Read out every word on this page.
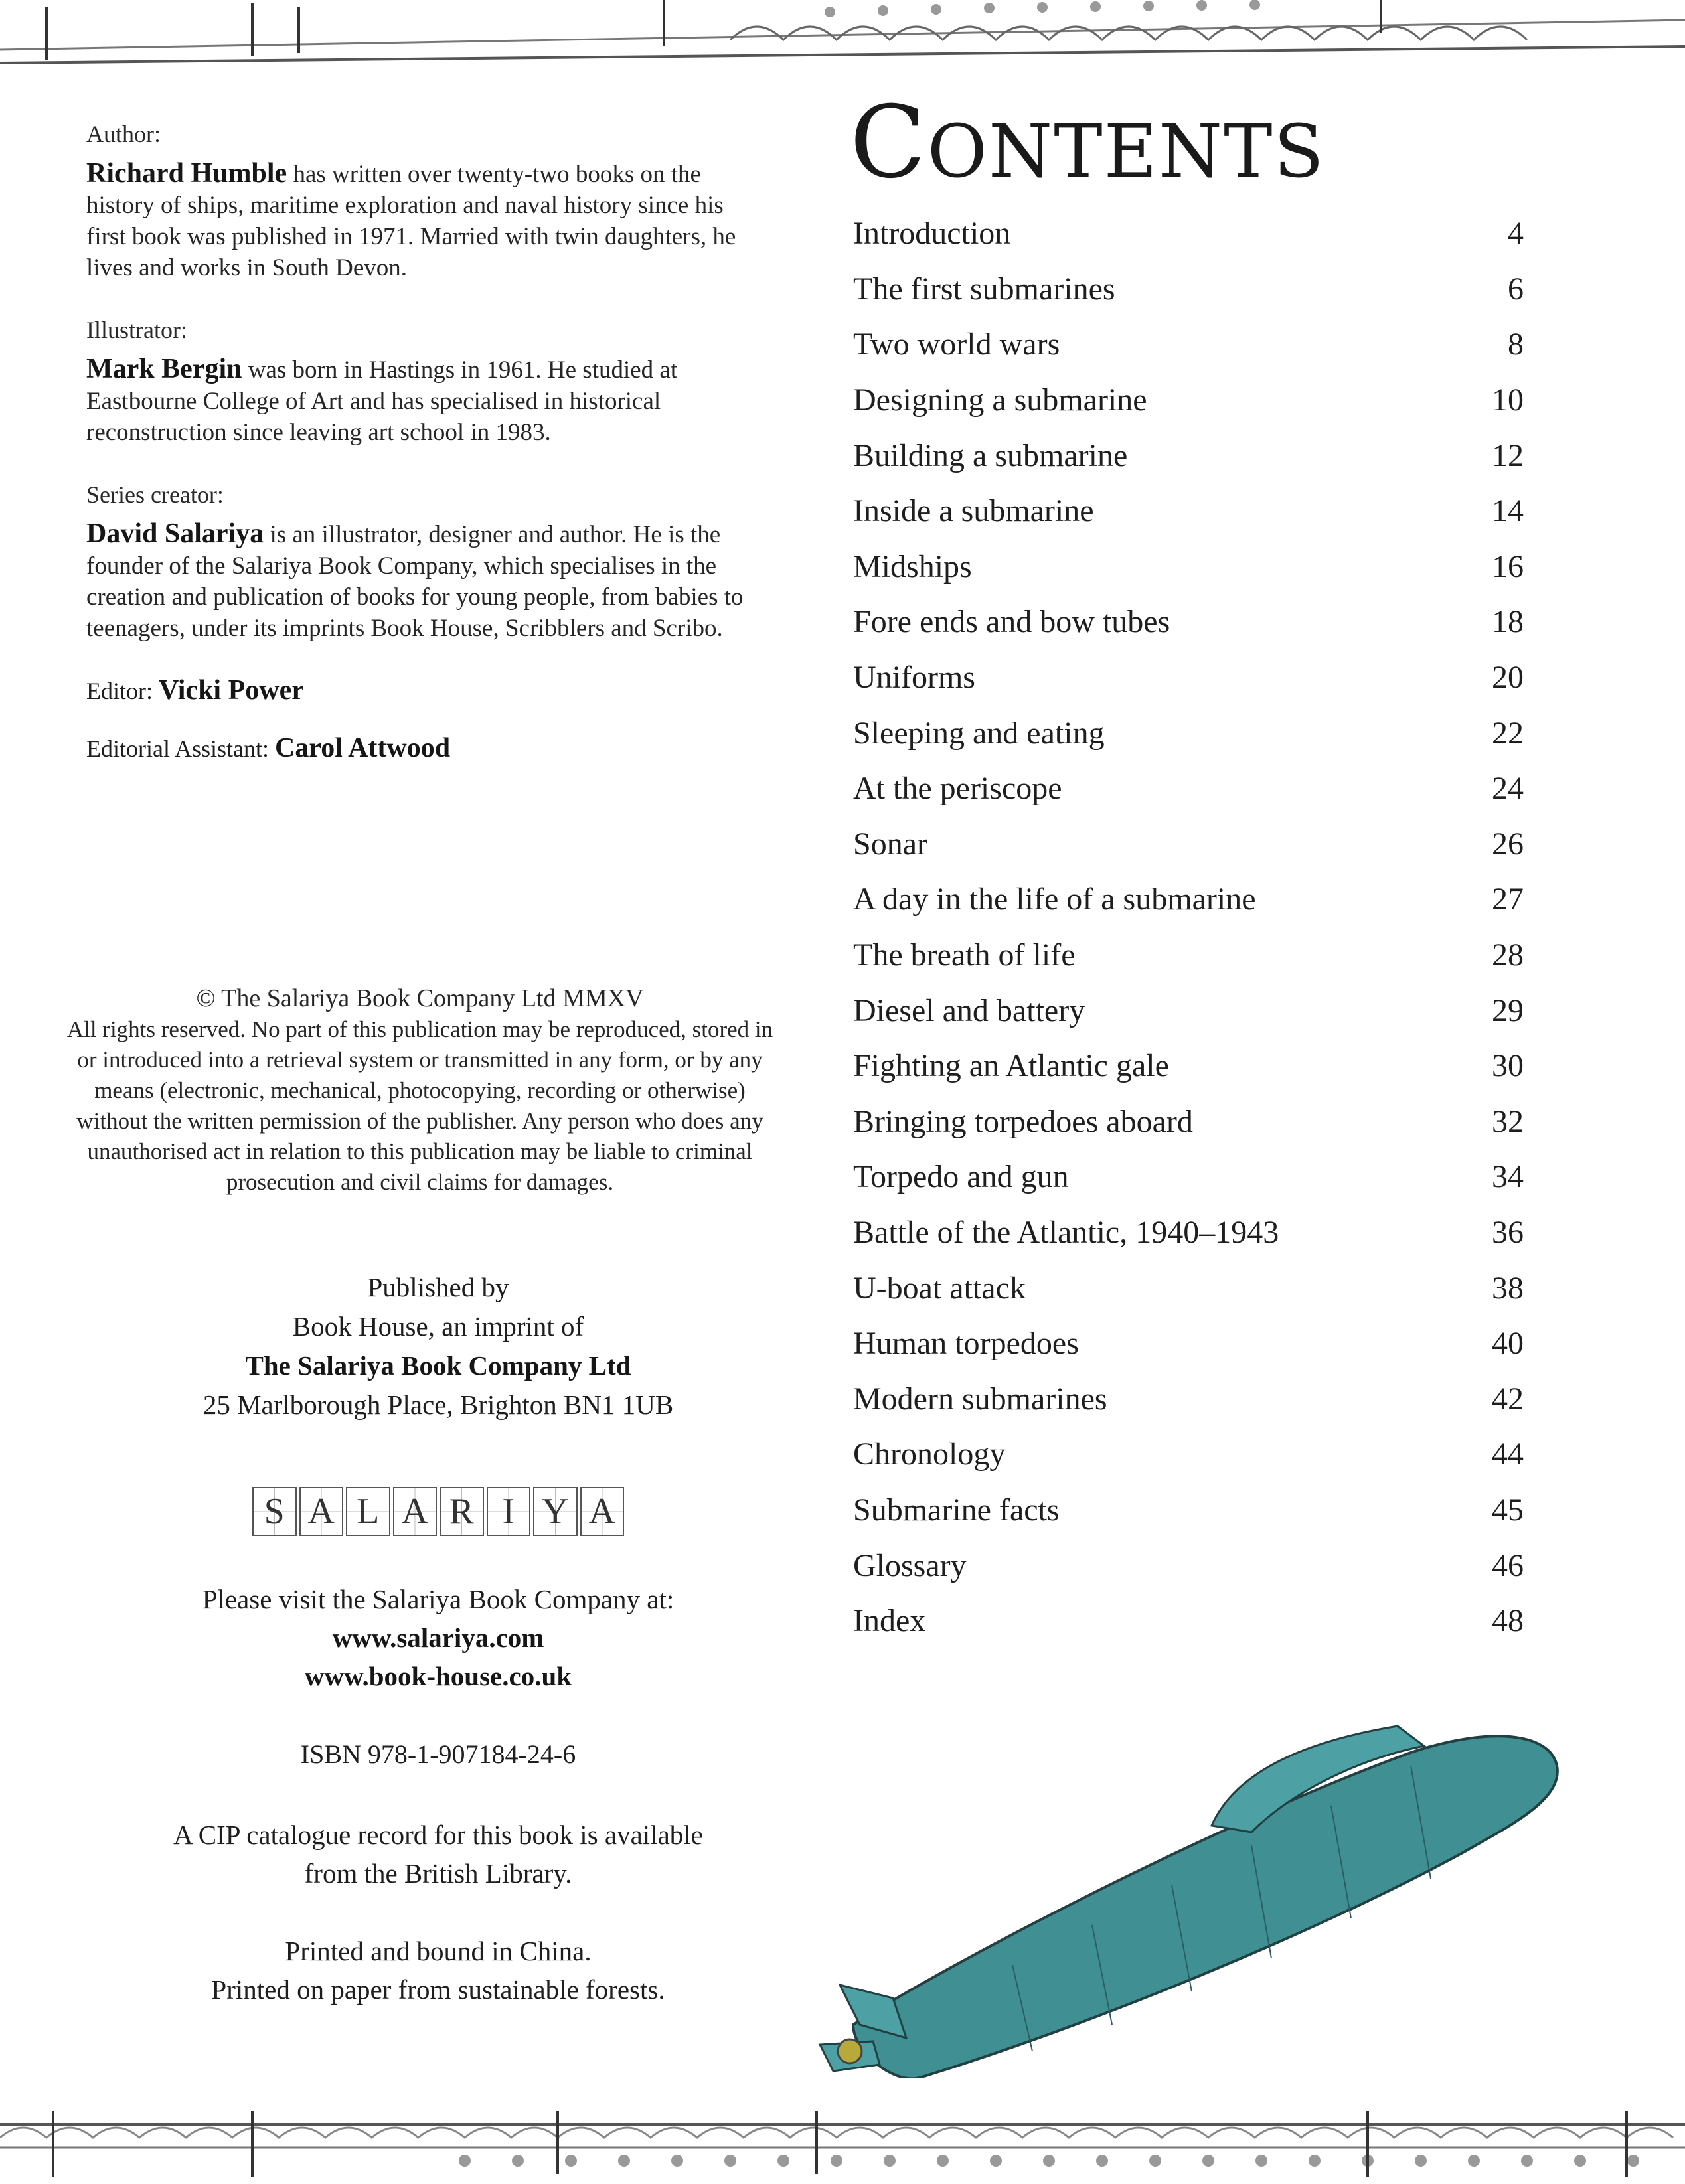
Author:
Richard Humble has written over twenty-two books on the history of ships, maritime exploration and naval history since his first book was published in 1971. Married with twin daughters, he lives and works in South Devon.
Illustrator:
Mark Bergin was born in Hastings in 1961. He studied at Eastbourne College of Art and has specialised in historical reconstruction since leaving art school in 1983.
Series creator:
David Salariya is an illustrator, designer and author. He is the founder of the Salariya Book Company, which specialises in the creation and publication of books for young people, from babies to teenagers, under its imprints Book House, Scribblers and Scribo.
Editor: Vicki Power
Editorial Assistant: Carol Attwood
© The Salariya Book Company Ltd MMXV
All rights reserved. No part of this publication may be reproduced, stored in or introduced into a retrieval system or transmitted in any form, or by any means (electronic, mechanical, photocopying, recording or otherwise) without the written permission of the publisher. Any person who does any unauthorised act in relation to this publication may be liable to criminal prosecution and civil claims for damages.
Published by
Book House, an imprint of
The Salariya Book Company Ltd
25 Marlborough Place, Brighton BN1 1UB
S A L A R I Y A
Please visit the Salariya Book Company at:
www.salariya.com
www.book-house.co.uk
ISBN 978-1-907184-24-6
A CIP catalogue record for this book is available
from the British Library.
Printed and bound in China.
Printed on paper from sustainable forests.
CONTENTS
Introduction	4
The first submarines	6
Two world wars	8
Designing a submarine	10
Building a submarine	12
Inside a submarine	14
Midships	16
Fore ends and bow tubes	18
Uniforms	20
Sleeping and eating	22
At the periscope	24
Sonar	26
A day in the life of a submarine	27
The breath of life	28
Diesel and battery	29
Fighting an Atlantic gale	30
Bringing torpedoes aboard	32
Torpedo and gun	34
Battle of the Atlantic, 1940–1943	36
U-boat attack	38
Human torpedoes	40
Modern submarines	42
Chronology	44
Submarine facts	45
Glossary	46
Index	48
